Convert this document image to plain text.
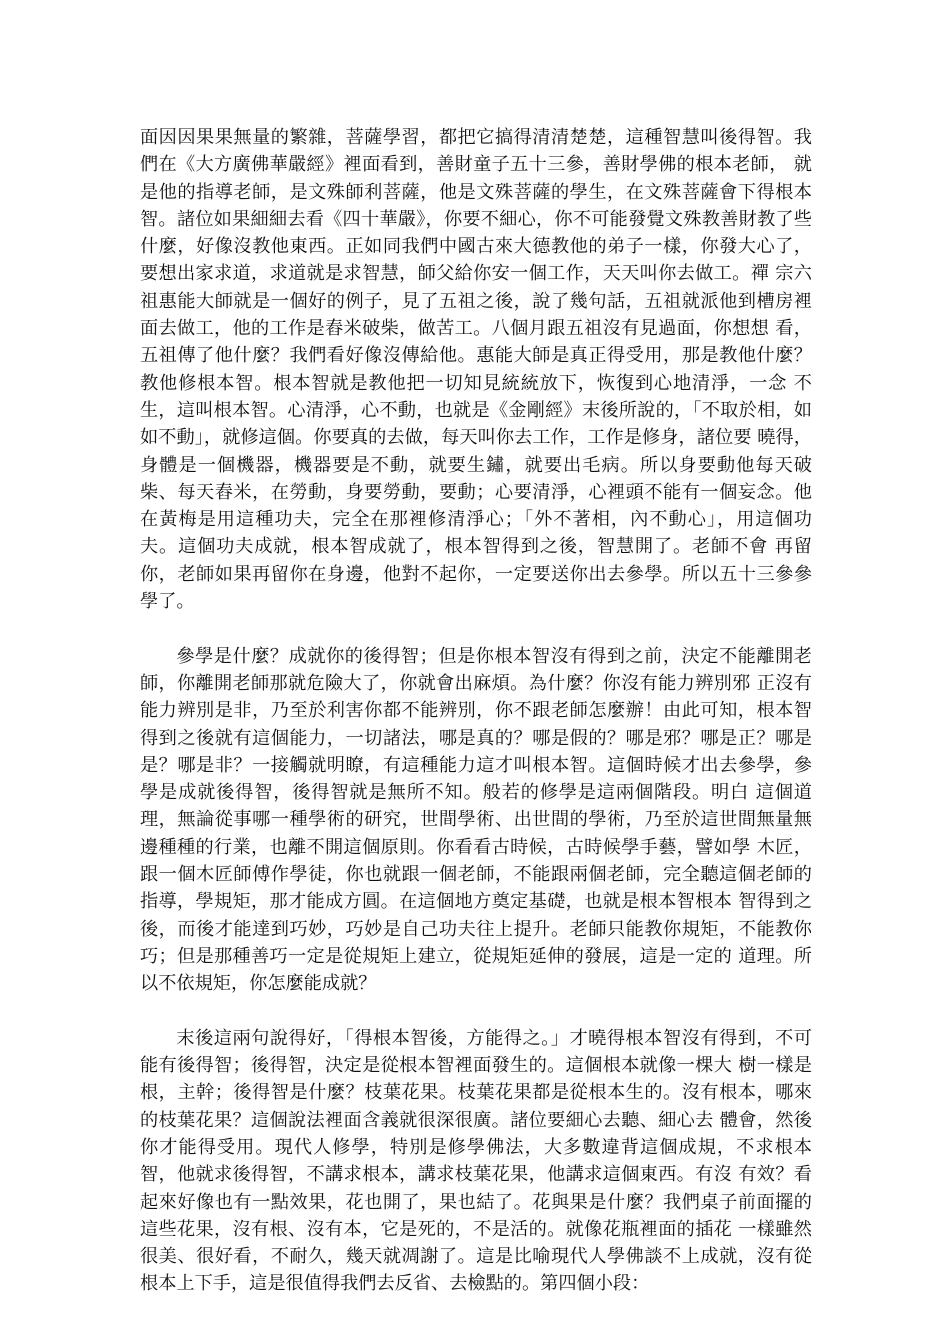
面因因果果無量的繁雜，菩薩學習，都把它搞得清清楚楚，這種智慧叫後得智。我們在《大方廣佛華嚴經》裡面看到，善財童子五十三參，善財學佛的根本老師， 就是他的指導老師，是文殊師利菩薩，他是文殊菩薩的學生，在文殊菩薩會下得根本智。諸位如果細細去看《四十華嚴》，你要不細心，你不可能發覺文殊教善財教了些什麼，好像沒教他東西。正如同我們中國古來大德教他的弟子一樣，你發大心了，要想出家求道，求道就是求智慧，師父給你安一個工作，天天叫你去做工。禪 宗六祖惠能大師就是一個好的例子，見了五祖之後，說了幾句話，五祖就派他到槽房裡面去做工，他的工作是舂米破柴，做苦工。八個月跟五祖沒有見過面，你想想 看，五祖傳了他什麼？我們看好像沒傳給他。惠能大師是真正得受用，那是教他什麼？教他修根本智。根本智就是教他把一切知見統統放下，恢復到心地清淨，一念 不生，這叫根本智。心清淨，心不動，也就是《金剛經》末後所說的，「不取於相，如如不動」，就修這個。你要真的去做，每天叫你去工作，工作是修身，諸位要 曉得，身體是一個機器，機器要是不動，就要生鏽，就要出毛病。所以身要動他每天破柴、每天舂米，在勞動，身要勞動，要動；心要清淨，心裡頭不能有一個妄念。他在黃梅是用這種功夫，完全在那裡修清淨心；「外不著相，內不動心」，用這個功夫。這個功夫成就，根本智成就了，根本智得到之後，智慧開了。老師不會 再留你，老師如果再留你在身邊，他對不起你，一定要送你出去參學。所以五十三參參學了。

參學是什麼？成就你的後得智；但是你根本智沒有得到之前，決定不能離開老師，你離開老師那就危險大了，你就會出麻煩。為什麼？你沒有能力辨別邪 正沒有能力辨別是非，乃至於利害你都不能辨別，你不跟老師怎麼辦！由此可知，根本智得到之後就有這個能力，一切諸法，哪是真的？哪是假的？哪是邪？哪是正？哪是是？哪是非？一接觸就明瞭，有這種能力這才叫根本智。這個時候才出去參學，參學是成就後得智，後得智就是無所不知。般若的修學是這兩個階段。明白 這個道理，無論從事哪一種學術的研究，世間學術、出世間的學術，乃至於這世間無量無邊種種的行業，也離不開這個原則。你看看古時候，古時候學手藝，譬如學 木匠，跟一個木匠師傅作學徒，你也就跟一個老師，不能跟兩個老師，完全聽這個老師的指導，學規矩，那才能成方圓。在這個地方奠定基礎，也就是根本智根本 智得到之後，而後才能達到巧妙，巧妙是自己功夫往上提升。老師只能教你規矩，不能教你巧；但是那種善巧一定是從規矩上建立，從規矩延伸的發展，這是一定的 道理。所以不依規矩，你怎麼能成就？

末後這兩句說得好，「得根本智後，方能得之。」才曉得根本智沒有得到，不可能有後得智；後得智，決定是從根本智裡面發生的。這個根本就像一棵大 樹一樣是根，主幹；後得智是什麼？枝葉花果。枝葉花果都是從根本生的。沒有根本，哪來的枝葉花果？這個說法裡面含義就很深很廣。諸位要細心去聽、細心去 體會，然後你才能得受用。現代人修學，特別是修學佛法，大多數違背這個成規，不求根本智，他就求後得智，不講求根本，講求枝葉花果，他講求這個東西。有沒 有效？看起來好像也有一點效果，花也開了，果也結了。花與果是什麼？我們桌子前面擺的這些花果，沒有根、沒有本，它是死的，不是活的。就像花瓶裡面的插花 一樣雖然很美、很好看，不耐久，幾天就凋謝了。這是比喻現代人學佛談不上成就，沒有從根本上下手，這是很值得我們去反省、去檢點的。第四個小段：
